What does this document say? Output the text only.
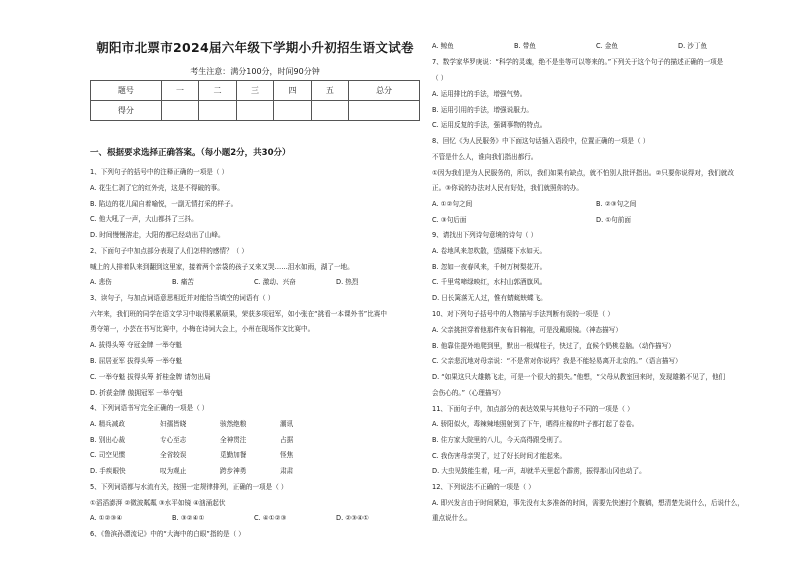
朝阳市北票市2024届六年级下学期小升初招生语文试卷
考生注意：满分100分，时间90分钟
题号	一	二	三	四	五	总分
得分						
一、根据要求选择正确答案。（每小题2分，共30分）
1、下列句子的括号中的注释正确的一项是（ ）
A. 花生仁剥了它的红外壳，这是不得破的事。
B. 陷边的花儿闻自着喻悦，一副无情打采的样子。
C. 他大吼了一声，大山都抖了三抖。
D. 时间慢慢溶走，大阳的都已经动出了山峰。
2、下面句子中加点部分表现了人们怎样的感情？（ ）
喊上的人排着队来到翻到这里家，接着两个亲袋的孩子又来又哭……泪水如雨，湖了一地。
A. 悲伤	B. 痛苦	C. 激动、兴奋	D. 热烈
3、读句子，与加点词语意思相近并对能恰当填空的词语有（ ）
六年来，我们班的同学在语文学习中取得累累硕果，荣获多项冠军，如小张在“挑看一本课外书”比赛中
勇夺第一，小芸在书写比赛中，小梅在诗词大会上，小州在现场作文比赛中。
A. 拔得头筹 夺冠金牌 一举夺魁
B. 屈居亚军 拔得头筹 一举夺魁
C. 一举夺魁 拔得头筹 折桂金牌 请勿出局
D. 折获金牌 傲拥冠军 一举夺魁
4、下列词语书写完全正确的一项是（ ）
A. 精兵减政	妇孺皆晓	骇然绝粮	潮讯
B. 别出心裁	专心至志	全神贯注	占据
C. 司空见惯	全省较误	觅勤加餐	怪焦
D. 手疾眼快	叹为观止	跨步神勇	肃肃
5、下列词语都与水流有关，按照一定规律排列，正确的一项是（ ）
①滔滔澎湃 ②微波粼粼 ③水平如镜 ④汹涌起伏
A. ①②③④	B. ③②④①	C. ④①②③	D. ②③④①
6、《鲁滨孙漂流记》中的“大海中的白眼”指的是（ ）
A. 鲸鱼	B. 带鱼	C. 金鱼	D. 沙丁鱼
7、数学家华罗庚说：“科学的灵魂，绝不是坐等可以等来的。”下列关于这个句子的描述正确的一项是
（ ）
A. 运用排比的手法，增强气势。
B. 运用引用的手法，增强说服力。
C. 运用反复的手法，强调事物的特点。
8、回忆《为人民服务》中下面这句话插入语段中，位置正确的一项是（ ）
不管是什么人，谁向我们指出都行。
①因为我们是为人民服务的，所以，我们如果有缺点，就不怕别人批评指出。②只要你说得对，我们就改
正。③你说的办法对人民有好处，我们就照你的办。
A. ①②句之间	B. ②③句之间
C. ③句后面	D. ①句前面
9、请找出下列诗句意境的诗句（ ）
A. 卷地风来忽吹散，望湖楼下水如天。
B. 忽如一夜春风来，千树万树梨花开。
C. 千里莺啼绿映红，水村山郭酒旗风。
D. 日长篱落无人过，惟有蜻蜓蛱蝶飞。
10、对下列句子括号中的人物描写手法判断有误的一项是（ ）
A. 父亲挑担穿着他那件灰布旧棉袍，可是没戴眼镜。（神态描写）
B. 他靠住提外地爬到里，默出一根煤柱子，快过了，直候个奶桃卷脑。（动作描写）
C. 父亲悲沉地对母亲说：“不是常对你说吗？我是不能轻易离开北京的。”（语言描写）
D. “如果这只大雄鹅飞走，可是一个很大的损失。”他想，“父母从教室回来时，发现雄鹅不见了，他们
会伤心的。”（心理描写）
11、下面句子中，加点部分的表达效果与其他句子不同的一项是（ ）
A. 骄阳似火，毒辣辣地照射到了下午，晒得庄稼的叶子都打起了卷卷。
B. 住方家大院里的八儿，今天高得跟受刑了。
C. 我伤害母亲哭了，过了好长时间才能起来。
D. 大虫见鼓能生着，吼一声，却就半天里起个霹雳，振得那山冈也动了。
12、下列说法不正确的一项是（ ）
A. 即兴发言由于时间紧迫，事先没有太多准备的时间，需要先快速打个腹稿，想清楚先说什么，后说什么，
重点说什么。
